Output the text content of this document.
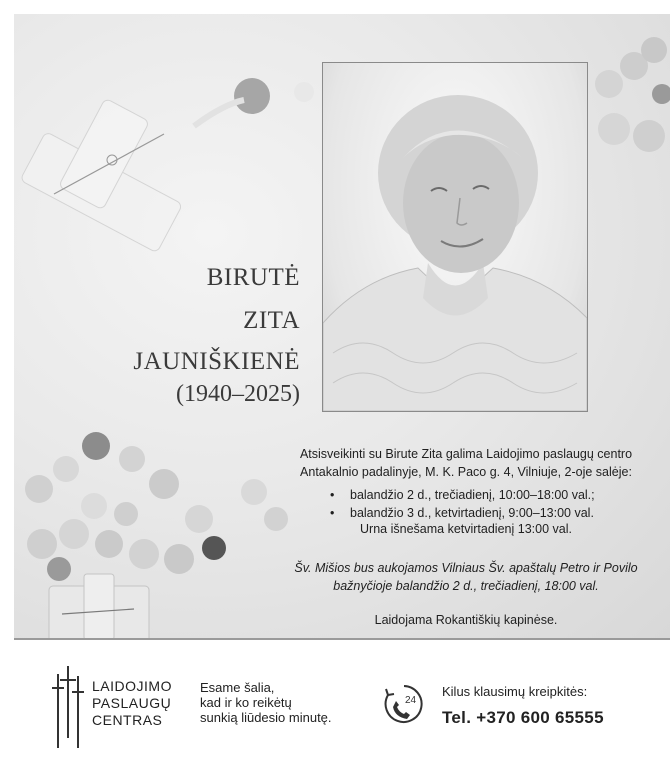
BIRUTĖ

ZITA

JAUNIŠKIENĖ

(1940–2025)

Atsisveikinti su Birute Zita galima Laidojimo paslaugų centro

Antakalnio padalinyje, M. K. Paco g. 4, Vilniuje, 2-oje salėje:

• balandžio 2 d., trečiadienį, 10:00–18:00 val.;
• balandžio 3 d., ketvirtadienį, 9:00–13:00 val.
Urna išnešama ketvirtadienį 13:00 val.

Šv. Mišios bus aukojamos Vilniaus Šv. apaštalų Petro ir Povilo

bažnyčioje balandžio 2 d., trečiadienį, 18:00 val.

Laidojama Rokantiškių kapinėse.
LAIDOJIMO
PASLAUGŲ
CENTRAS
Esame šalia,
kad ir ko reikėtų
sunkią liūdesio minutę.
24
Kilus klausimų kreipkitės:
Tel. +370 600 65555
